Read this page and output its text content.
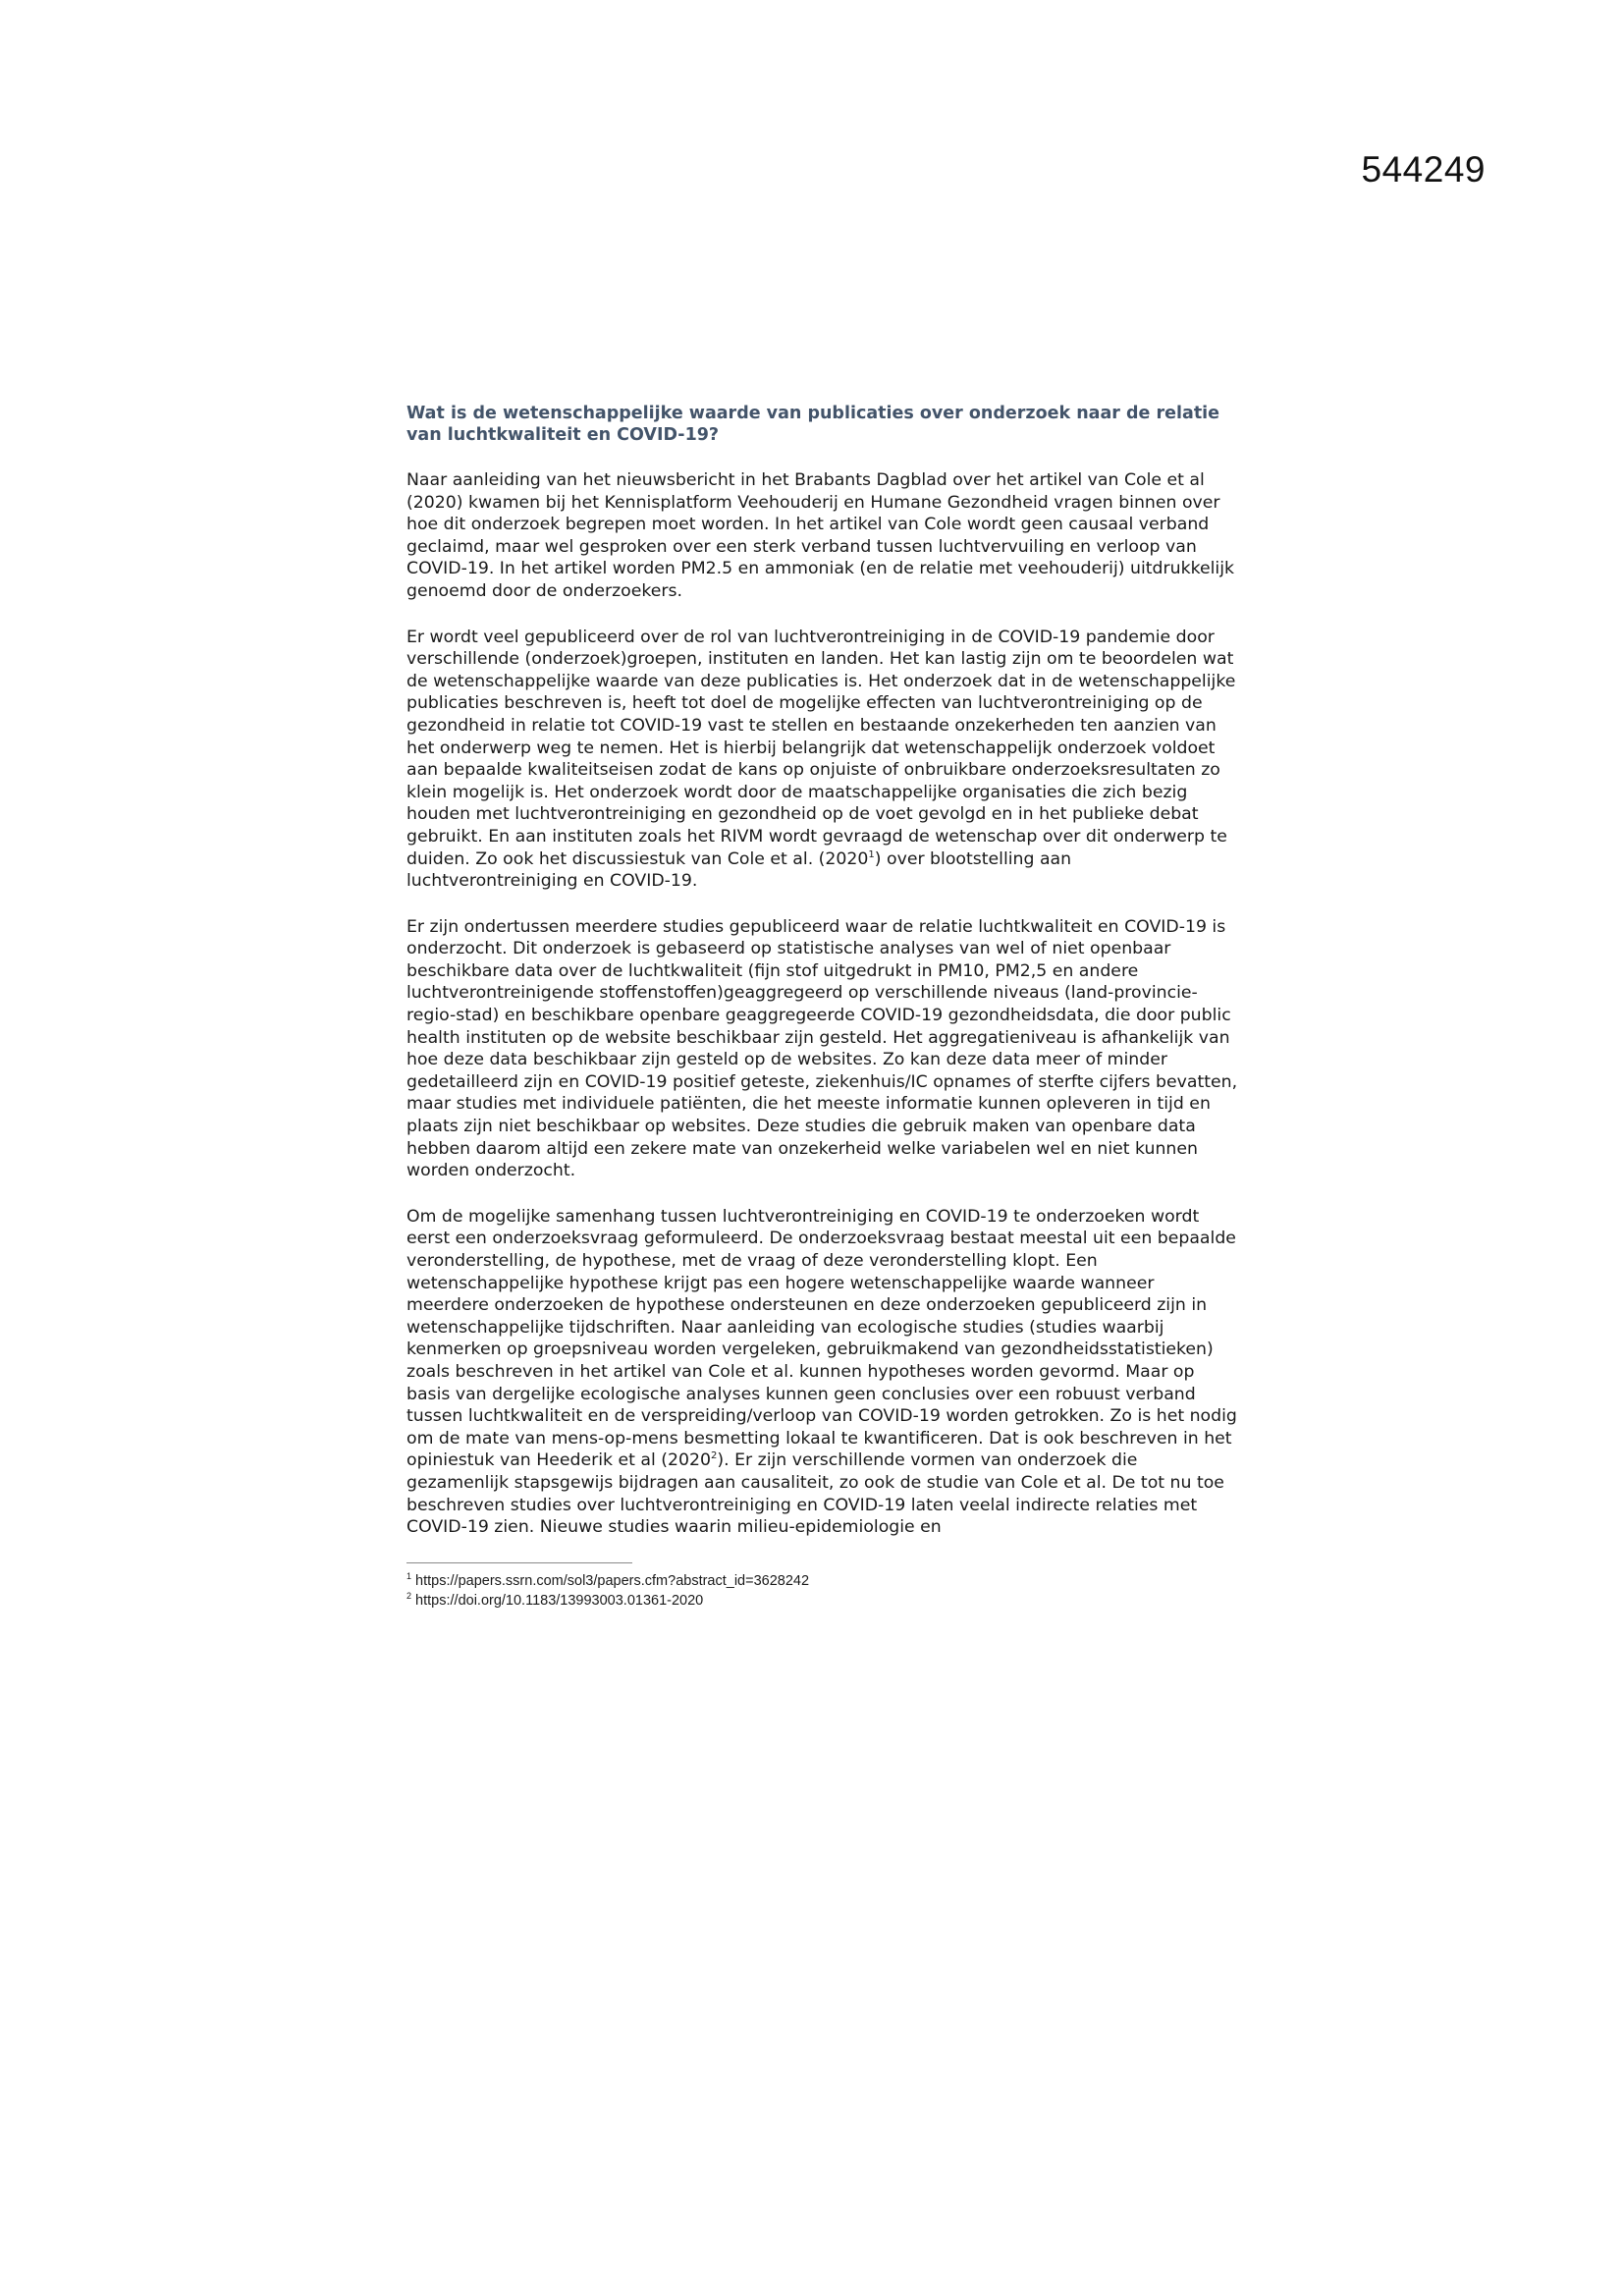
544249
Wat is de wetenschappelijke waarde van publicaties over onderzoek naar de relatie van luchtkwaliteit en COVID-19?

Naar aanleiding van het nieuwsbericht in het Brabants Dagblad over het artikel van Cole et al (2020) kwamen bij het Kennisplatform Veehouderij en Humane Gezondheid vragen binnen over hoe dit onderzoek begrepen moet worden. In het artikel van Cole wordt geen causaal verband geclaimd, maar wel gesproken over een sterk verband tussen luchtvervuiling en verloop van COVID-19. In het artikel worden PM2.5 en ammoniak (en de relatie met veehouderij) uitdrukkelijk genoemd door de onderzoekers.

Er wordt veel gepubliceerd over de rol van luchtverontreiniging in de COVID-19 pandemie door verschillende (onderzoek)groepen, instituten en landen. Het kan lastig zijn om te beoordelen wat de wetenschappelijke waarde van deze publicaties is. Het onderzoek dat in de wetenschappelijke publicaties beschreven is, heeft tot doel de mogelijke effecten van luchtverontreiniging op de gezondheid in relatie tot COVID-19 vast te stellen en bestaande onzekerheden ten aanzien van het onderwerp weg te nemen. Het is hierbij belangrijk dat wetenschappelijk onderzoek voldoet aan bepaalde kwaliteitseisen zodat de kans op onjuiste of onbruikbare onderzoeksresultaten zo klein mogelijk is. Het onderzoek wordt door de maatschappelijke organisaties die zich bezig houden met luchtverontreiniging en gezondheid op de voet gevolgd en in het publieke debat gebruikt. En aan instituten zoals het RIVM wordt gevraagd de wetenschap over dit onderwerp te duiden. Zo ook het discussiestuk van Cole et al. (2020$^1$) over blootstelling aan luchtverontreiniging en COVID-19.

Er zijn ondertussen meerdere studies gepubliceerd waar de relatie luchtkwaliteit en COVID-19 is onderzocht. Dit onderzoek is gebaseerd op statistische analyses van wel of niet openbaar beschikbare data over de luchtkwaliteit (fijn stof uitgedrukt in PM10, PM2,5 en andere luchtverontreinigende stoffenstoffen)geaggregeerd op verschillende niveaus (land-provincie-regio-stad) en beschikbare openbare geaggregeerde COVID-19 gezondheidsdata, die door public health instituten op de website beschikbaar zijn gesteld. Het aggregatieniveau is afhankelijk van hoe deze data beschikbaar zijn gesteld op de websites. Zo kan deze data meer of minder gedetailleerd zijn en COVID-19 positief geteste, ziekenhuis/IC opnames of sterfte cijfers bevatten, maar studies met individuele patiënten, die het meeste informatie kunnen opleveren in tijd en plaats zijn niet beschikbaar op websites. Deze studies die gebruik maken van openbare data hebben daarom altijd een zekere mate van onzekerheid welke variabelen wel en niet kunnen worden onderzocht.

Om de mogelijke samenhang tussen luchtverontreiniging en COVID-19 te onderzoeken wordt eerst een onderzoeksvraag geformuleerd. De onderzoeksvraag bestaat meestal uit een bepaalde veronderstelling, de hypothese, met de vraag of deze veronderstelling klopt. Een wetenschappelijke hypothese krijgt pas een hogere wetenschappelijke waarde wanneer meerdere onderzoeken de hypothese ondersteunen en deze onderzoeken gepubliceerd zijn in wetenschappelijke tijdschriften. Naar aanleiding van ecologische studies (studies waarbij kenmerken op groepsniveau worden vergeleken, gebruikmakend van gezondheidsstatistieken) zoals beschreven in het artikel van Cole et al. kunnen hypotheses worden gevormd. Maar op basis van dergelijke ecologische analyses kunnen geen conclusies over een robuust verband tussen luchtkwaliteit en de verspreiding/verloop van COVID-19 worden getrokken. Zo is het nodig om de mate van mens-op-mens besmetting lokaal te kwantificeren. Dat is ook beschreven in het opiniestuk van Heederik et al (2020$^2$). Er zijn verschillende vormen van onderzoek die gezamenlijk stapsgewijs bijdragen aan causaliteit, zo ook de studie van Cole et al. De tot nu toe beschreven studies over luchtverontreiniging en COVID-19 laten veelal indirecte relaties met COVID-19 zien. Nieuwe studies waarin milieu-epidemiologie en

$^1$ https://papers.ssrn.com/sol3/papers.cfm?abstract_id=3628242
$^2$ https://doi.org/10.1183/13993003.01361-2020
